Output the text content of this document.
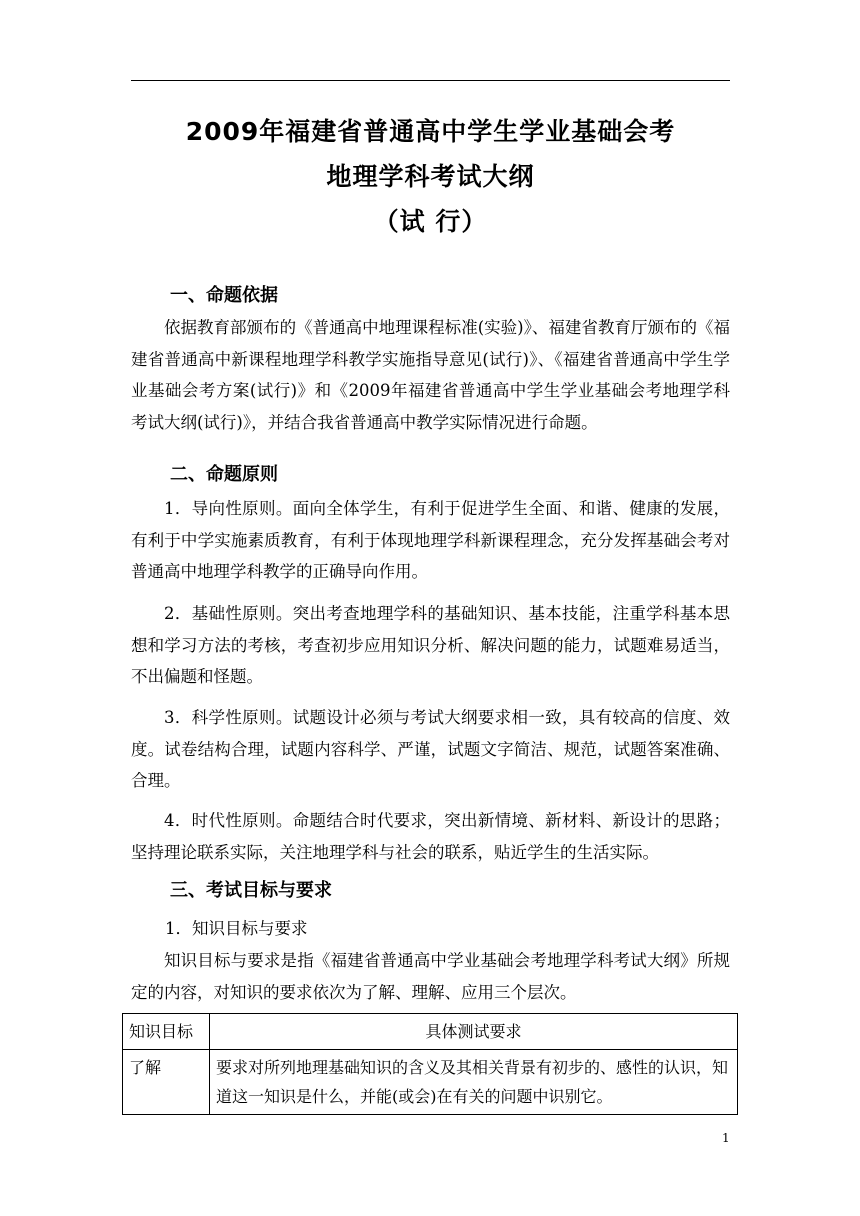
2009年福建省普通高中学生学业基础会考
地理学科考试大纲
（试 行）
一、命题依据
依据教育部颁布的《普通高中地理课程标准(实验)》、福建省教育厅颁布的《福建省普通高中新课程地理学科教学实施指导意见(试行)》、《福建省普通高中学生学业基础会考方案(试行)》和《2009年福建省普通高中学生学业基础会考地理学科考试大纲(试行)》，并结合我省普通高中教学实际情况进行命题。
二、命题原则
1．导向性原则。面向全体学生，有利于促进学生全面、和谐、健康的发展，有利于中学实施素质教育，有利于体现地理学科新课程理念，充分发挥基础会考对普通高中地理学科教学的正确导向作用。
2．基础性原则。突出考查地理学科的基础知识、基本技能，注重学科基本思想和学习方法的考核，考查初步应用知识分析、解决问题的能力，试题难易适当，不出偏题和怪题。
3．科学性原则。试题设计必须与考试大纲要求相一致，具有较高的信度、效度。试卷结构合理，试题内容科学、严谨，试题文字简洁、规范，试题答案准确、合理。
4．时代性原则。命题结合时代要求，突出新情境、新材料、新设计的思路；坚持理论联系实际，关注地理学科与社会的联系，贴近学生的生活实际。
三、考试目标与要求
1．知识目标与要求
知识目标与要求是指《福建省普通高中学业基础会考地理学科考试大纲》所规定的内容，对知识的要求依次为了解、理解、应用三个层次。
知识目标	具体测试要求
了解	要求对所列地理基础知识的含义及其相关背景有初步的、感性的认识，知道这一知识是什么，并能(或会)在有关的问题中识别它。
1
